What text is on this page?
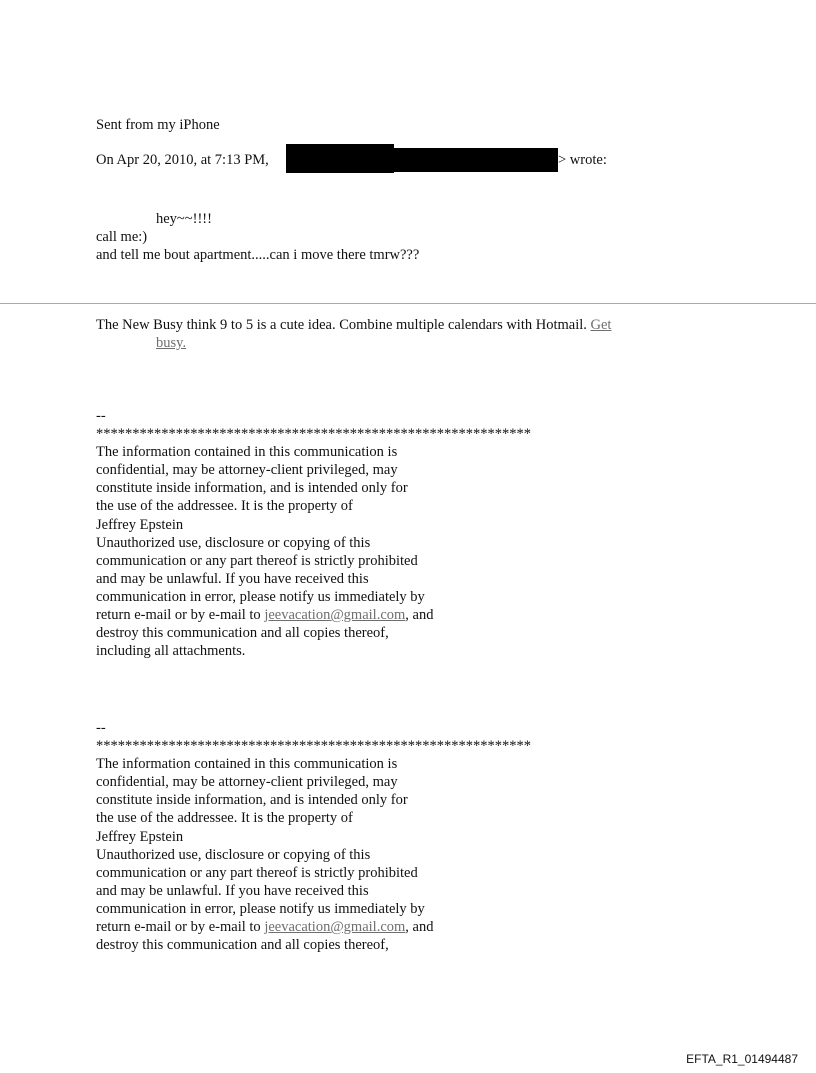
Sent from my iPhone
On Apr 20, 2010, at 7:13 PM,	> wrote:
hey~~!!!!
call me:)
and tell me bout apartment.....can i move there tmrw???
The New Busy think 9 to 5 is a cute idea. Combine multiple calendars with Hotmail. Get
busy.
--
************************************************************
The information contained in this communication is
confidential, may be attorney-client privileged, may
constitute inside information, and is intended only for
the use of the addressee. It is the property of
Jeffrey Epstein
Unauthorized use, disclosure or copying of this
communication or any part thereof is strictly prohibited
and may be unlawful. If you have received this
communication in error, please notify us immediately by
return e-mail or by e-mail to jeevacation@gmail.com, and
destroy this communication and all copies thereof,
including all attachments.
--
************************************************************
The information contained in this communication is
confidential, may be attorney-client privileged, may
constitute inside information, and is intended only for
the use of the addressee. It is the property of
Jeffrey Epstein
Unauthorized use, disclosure or copying of this
communication or any part thereof is strictly prohibited
and may be unlawful. If you have received this
communication in error, please notify us immediately by
return e-mail or by e-mail to jeevacation@gmail.com, and
destroy this communication and all copies thereof,
EFTA_R1_01494487
